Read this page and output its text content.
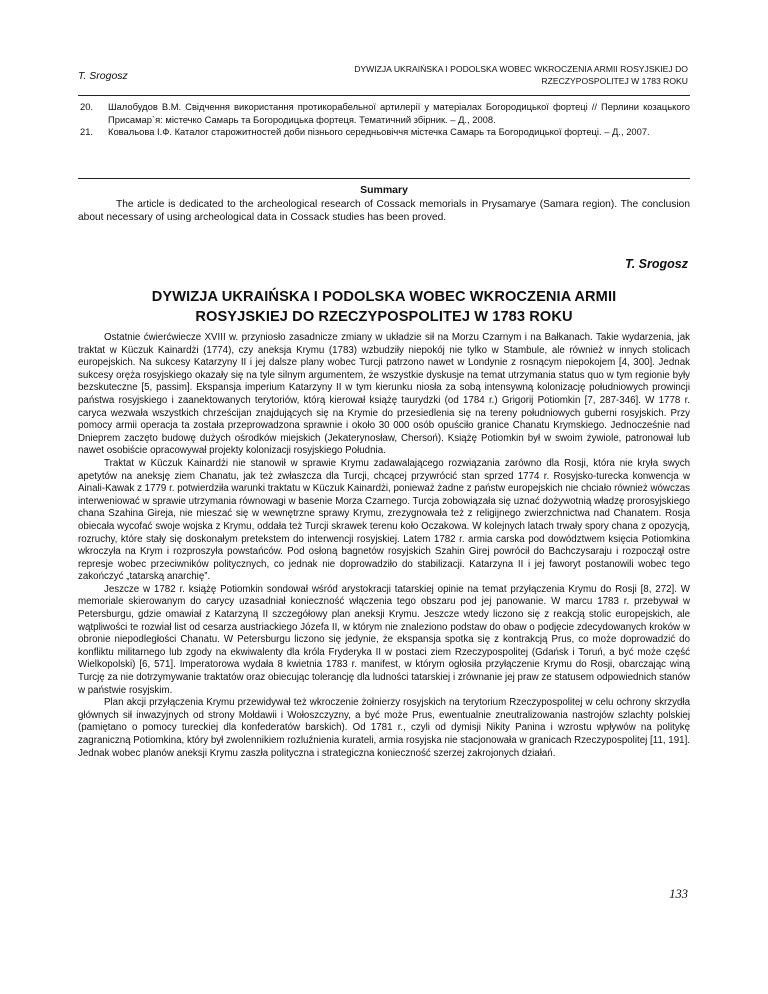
T. Srogosz
DYWIZJA UKRAIŃSKA I PODOLSKA WOBEC WKROCZENIA ARMII ROSYJSKIEJ DO
RZECZYPOSPOLITEJ W 1783 ROKU
20. Шалобудов В.М. Свідчення використання протикорабельної артилерії у матеріалах Богородицької фортеці // Перлини козацького Присамар`я: містечко Самарь та Богородицька фортеця. Тематичний збірник. – Д., 2008.
21. Ковальова І.Ф. Каталог старожитностей доби пізнього середньовіччя містечка Самарь та Богородицької фортеці. – Д., 2007.
Summary

The article is dedicated to the archeological research of Cossack memorials in Prysamarye (Samara region). The conclusion about necessary of using archeological data in Cossack studies has been proved.

T. Srogosz
DYWIZJA UKRAIŃSKA I PODOLSKA WOBEC WKROCZENIA ARMII
ROSYJSKIEJ DO RZECZYPOSPOLITEJ W 1783 ROKU

Ostatnie ćwierćwiecze XVIII w. przyniosło zasadnicze zmiany w układzie sił na Morzu Czarnym i na Bałkanach. Takie wydarzenia, jak traktat w Küczuk Kainardżi (1774), czy aneksja Krymu (1783) wzbudziły niepokój nie tylko w Stambule, ale również w innych stolicach europejskich. Na sukcesy Katarzyny II i jej dalsze plany wobec Turcji patrzono nawet w Londynie z rosnącym niepokojem [4, 300]. Jednak sukcesy oręża rosyjskiego okazały się na tyle silnym argumentem, że wszystkie dyskusje na temat utrzymania status quo w tym regionie były bezskuteczne [5, passim]. Ekspansja imperium Katarzyny II w tym kierunku niosła za sobą intensywną kolonizację południowych prowincji państwa rosyjskiego i zaanektowanych terytoriów, którą kierował książę taurydzki (od 1784 r.) Grigorij Potiomkin [7, 287-346]. W 1778 r. caryca wezwała wszystkich chrześcijan znajdujących się na Krymie do przesiedlenia się na tereny południowych guberni rosyjskich. Przy pomocy armii operacja ta została przeprowadzona sprawnie i około 30 000 osób opuściło granice Chanatu Krymskiego. Jednocześnie nad Dnieprem zaczęto budowę dużych ośrodków miejskich (Jekaterynosław, Chersoń). Książę Potiomkin był w swoim żywiole, patronował lub nawet osobiście opracowywał projekty kolonizacji rosyjskiego Południa.

Traktat w Küczuk Kainardżi nie stanowił w sprawie Krymu zadawalającego rozwiązania zarówno dla Rosji, która nie kryła swych apetytów na aneksję ziem Chanatu, jak też zwłaszcza dla Turcji, chcącej przywrócić stan sprzed 1774 r. Rosyjsko-turecka konwencja w Ainali-Kawak z 1779 r. potwierdziła warunki traktatu w Küczuk Kainardżi, ponieważ żadne z państw europejskich nie chciało również wówczas interweniować w sprawie utrzymania równowagi w basenie Morza Czarnego. Turcja zobowiązała się uznać dożywotnią władzę prorosyjskiego chana Szahina Gireja, nie mieszać się w wewnętrzne sprawy Krymu, zrezygnowała też z religijnego zwierzchnictwa nad Chanatem. Rosja obiecała wycofać swoje wojska z Krymu, oddała też Turcji skrawek terenu koło Oczakowa. W kolejnych latach trwały spory chana z opozycją, rozruchy, które stały się doskonałym pretekstem do interwencji rosyjskiej. Latem 1782 r. armia carska pod dowództwem księcia Potiomkina wkroczyła na Krym i rozproszyła powstańców. Pod osłoną bagnetów rosyjskich Szahin Girej powrócił do Bachczysaraju i rozpoczął ostre represje wobec przeciwników politycznych, co jednak nie doprowadziło do stabilizacji. Katarzyna II i jej faworyt postanowili wobec tego zakończyć „tatarską anarchię”.

Jeszcze w 1782 r. książę Potiomkin sondował wśród arystokracji tatarskiej opinie na temat przyłączenia Krymu do Rosji [8, 272]. W memoriale skierowanym do carycy uzasadniał konieczność włączenia tego obszaru pod jej panowanie. W marcu 1783 r. przebywał w Petersburgu, gdzie omawiał z Katarzyną II szczegółowy plan aneksji Krymu. Jeszcze wtedy liczono się z reakcją stolic europejskich, ale wątpliwości te rozwiał list od cesarza austriackiego Józefa II, w którym nie znaleziono podstaw do obaw o podjęcie zdecydowanych kroków w obronie niepodległości Chanatu. W Petersburgu liczono się jedynie, że ekspansja spotka się z kontrakcją Prus, co może doprowadzić do konfliktu militarnego lub zgody na ekwiwalenty dla króla Fryderyka II w postaci ziem Rzeczypospolitej (Gdańsk i Toruń, a być może część Wielkopolski) [6, 571]. Imperatorowa wydała 8 kwietnia 1783 r. manifest, w którym ogłosiła przyłączenie Krymu do Rosji, obarczając winą Turcję za nie dotrzymywanie traktatów oraz obiecując tolerancję dla ludności tatarskiej i zrównanie jej praw ze statusem odpowiednich stanów w państwie rosyjskim.

Plan akcji przyłączenia Krymu przewidywał też wkroczenie żołnierzy rosyjskich na terytorium Rzeczypospolitej w celu ochrony skrzydła głównych sił inwazyjnych od strony Mołdawii i Wołoszczyzny, a być może Prus, ewentualnie zneutralizowania nastrojów szlachty polskiej (pamiętano o pomocy tureckiej dla konfederatów barskich). Od 1781 r., czyli od dymisji Nikity Panina i wzrostu wpływów na politykę zagraniczną Potiomkina, który był zwolennikiem rozluźnienia kurateli, armia rosyjska nie stacjonowała w granicach Rzeczypospolitej [11, 191]. Jednak wobec planów aneksji Krymu zaszła polityczna i strategiczna konieczność szerzej zakrojonych działań.

133
